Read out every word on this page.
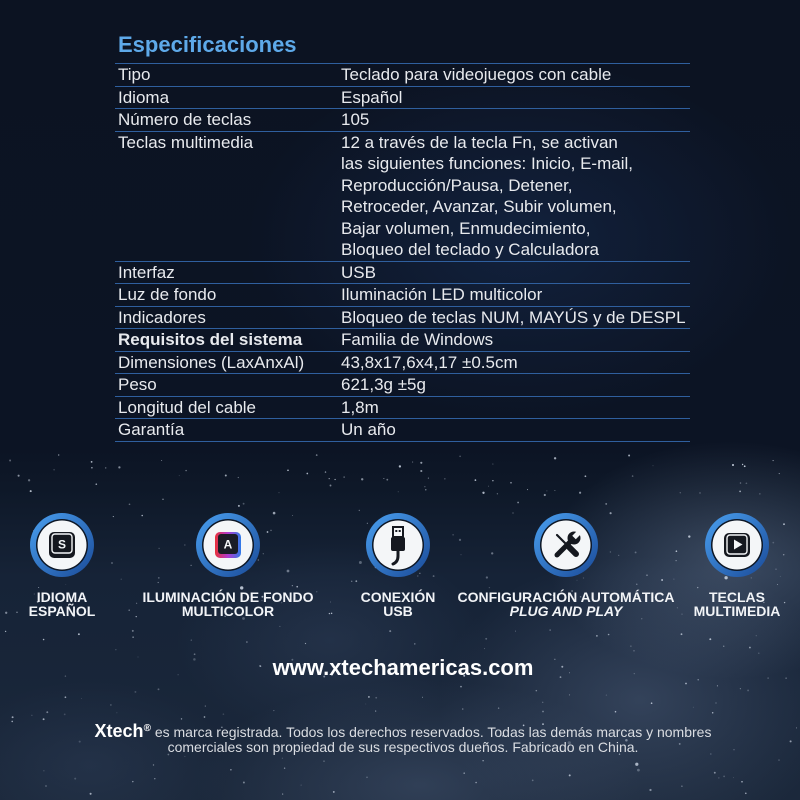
Especificaciones
Tipo	Teclado para videojuegos con cable
Idioma	Español
Número de teclas	105
Teclas multimedia	12 a través de la tecla Fn, se activan
las siguientes funciones: Inicio, E-mail,
Reproducción/Pausa, Detener,
Retroceder, Avanzar, Subir volumen,
Bajar volumen, Enmudecimiento,
Bloqueo del teclado y Calculadora
Interfaz	USB
Luz de fondo	Iluminación LED multicolor
Indicadores	Bloqueo de teclas NUM, MAYÚS y de DESPL
Requisitos del sistema	Familia de Windows
Dimensiones (LaxAnxAl)	43,8x17,6x4,17 ±0.5cm
Peso	621,3g ±5g
Longitud del cable	1,8m
Garantía	Un año
S
IDIOMA
ESPAÑOL
A
ILUMINACIÓN DE FONDO
MULTICOLOR
CONEXIÓN
USB
CONFIGURACIÓN AUTOMÁTICA
PLUG AND PLAY
TECLAS
MULTIMEDIA
www.xtechamericas.com
Xtech® es marca registrada. Todos los derechos reservados. Todas las demás marcas y nombres
comerciales son propiedad de sus respectivos dueños. Fabricado en China.
